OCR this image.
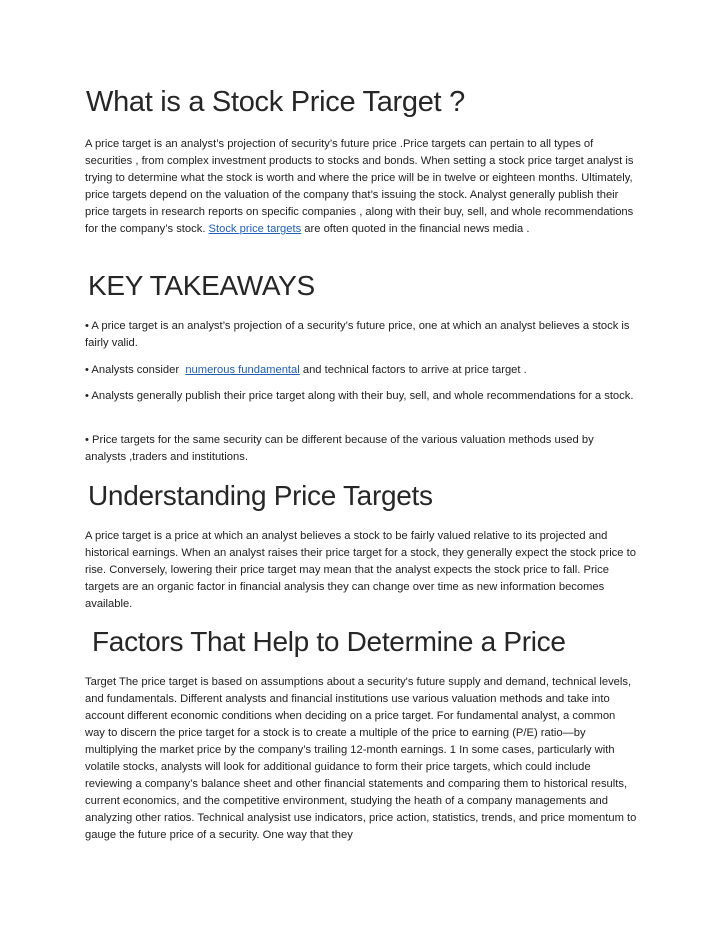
What is a Stock Price Target ?

A price target is an analyst’s projection of security’s future price .Price targets can pertain to all types of securities , from complex investment products to stocks and bonds. When setting a stock price target analyst is trying to determine what the stock is worth and where the price will be in twelve or eighteen months. Ultimately, price targets depend on the valuation of the company that’s issuing the stock. Analyst generally publish their price targets in research reports on specific companies , along with their buy, sell, and whole recommendations for the company’s stock. Stock price targets are often quoted in the financial news media .

KEY TAKEAWAYS

• A price target is an analyst’s projection of a security’s future price, one at which an analyst believes a stock is fairly valid.

• Analysts consider  numerous fundamental and technical factors to arrive at price target .

• Analysts generally publish their price target along with their buy, sell, and whole recommendations for a stock.

• Price targets for the same security can be different because of the various valuation methods used by analysts ,traders and institutions.

Understanding Price Targets

A price target is a price at which an analyst believes a stock to be fairly valued relative to its projected and historical earnings. When an analyst raises their price target for a stock, they generally expect the stock price to rise. Conversely, lowering their price target may mean that the analyst expects the stock price to fall. Price targets are an organic factor in financial analysis they can change over time as new information becomes available.

Factors That Help to Determine a Price

Target The price target is based on assumptions about a security's future supply and demand, technical levels, and fundamentals. Different analysts and financial institutions use various valuation methods and take into account different economic conditions when deciding on a price target. For fundamental analyst, a common way to discern the price target for a stock is to create a multiple of the price to earning (P/E) ratio—by multiplying the market price by the company’s trailing 12-month earnings. 1 In some cases, particularly with volatile stocks, analysts will look for additional guidance to form their price targets, which could include reviewing a company’s balance sheet and other financial statements and comparing them to historical results, current economics, and the competitive environment, studying the heath of a company managements and analyzing other ratios. Technical analysist use indicators, price action, statistics, trends, and price momentum to gauge the future price of a security. One way that they
